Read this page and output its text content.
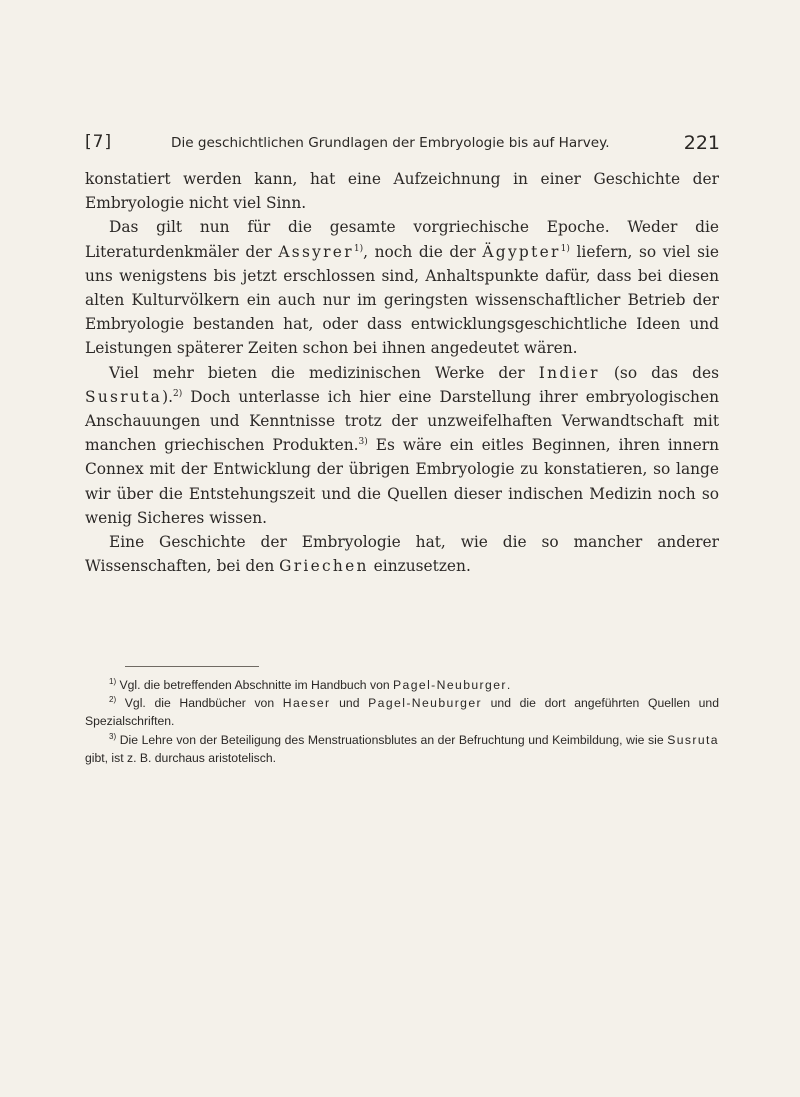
[7]	Die geschichtlichen Grundlagen der Embryologie bis auf Harvey.	221

konstatiert werden kann, hat eine Aufzeichnung in einer Geschichte der Embryologie nicht viel Sinn.

Das gilt nun für die gesamte vorgriechische Epoche. Weder die Literaturdenkmäler der Assyrer$^{1)}$, noch die der Ägypter$^{1)}$ liefern, so viel sie uns wenigstens bis jetzt erschlossen sind, Anhaltspunkte dafür, dass bei diesen alten Kulturvölkern ein auch nur im geringsten wissenschaftlicher Betrieb der Embryologie bestanden hat, oder dass entwicklungsgeschichtliche Ideen und Leistungen späterer Zeiten schon bei ihnen angedeutet wären.

Viel mehr bieten die medizinischen Werke der Indier (so das des Susruta).$^{2)}$ Doch unterlasse ich hier eine Darstellung ihrer embryologischen Anschauungen und Kenntnisse trotz der unzweifelhaften Verwandtschaft mit manchen griechischen Produkten.$^{3)}$ Es wäre ein eitles Beginnen, ihren innern Connex mit der Entwicklung der übrigen Embryologie zu konstatieren, so lange wir über die Entstehungszeit und die Quellen dieser indischen Medizin noch so wenig Sicheres wissen.

Eine Geschichte der Embryologie hat, wie die so mancher anderer Wissenschaften, bei den Griechen einzusetzen.

$^{1)}$ Vgl. die betreffenden Abschnitte im Handbuch von Pagel-Neuburger.

$^{2)}$ Vgl. die Handbücher von Haeser und Pagel-Neuburger und die dort angeführten Quellen und Spezialschriften.

$^{3)}$ Die Lehre von der Beteiligung des Menstruationsblutes an der Befruchtung und Keimbildung, wie sie Susruta gibt, ist z. B. durchaus aristotelisch.
